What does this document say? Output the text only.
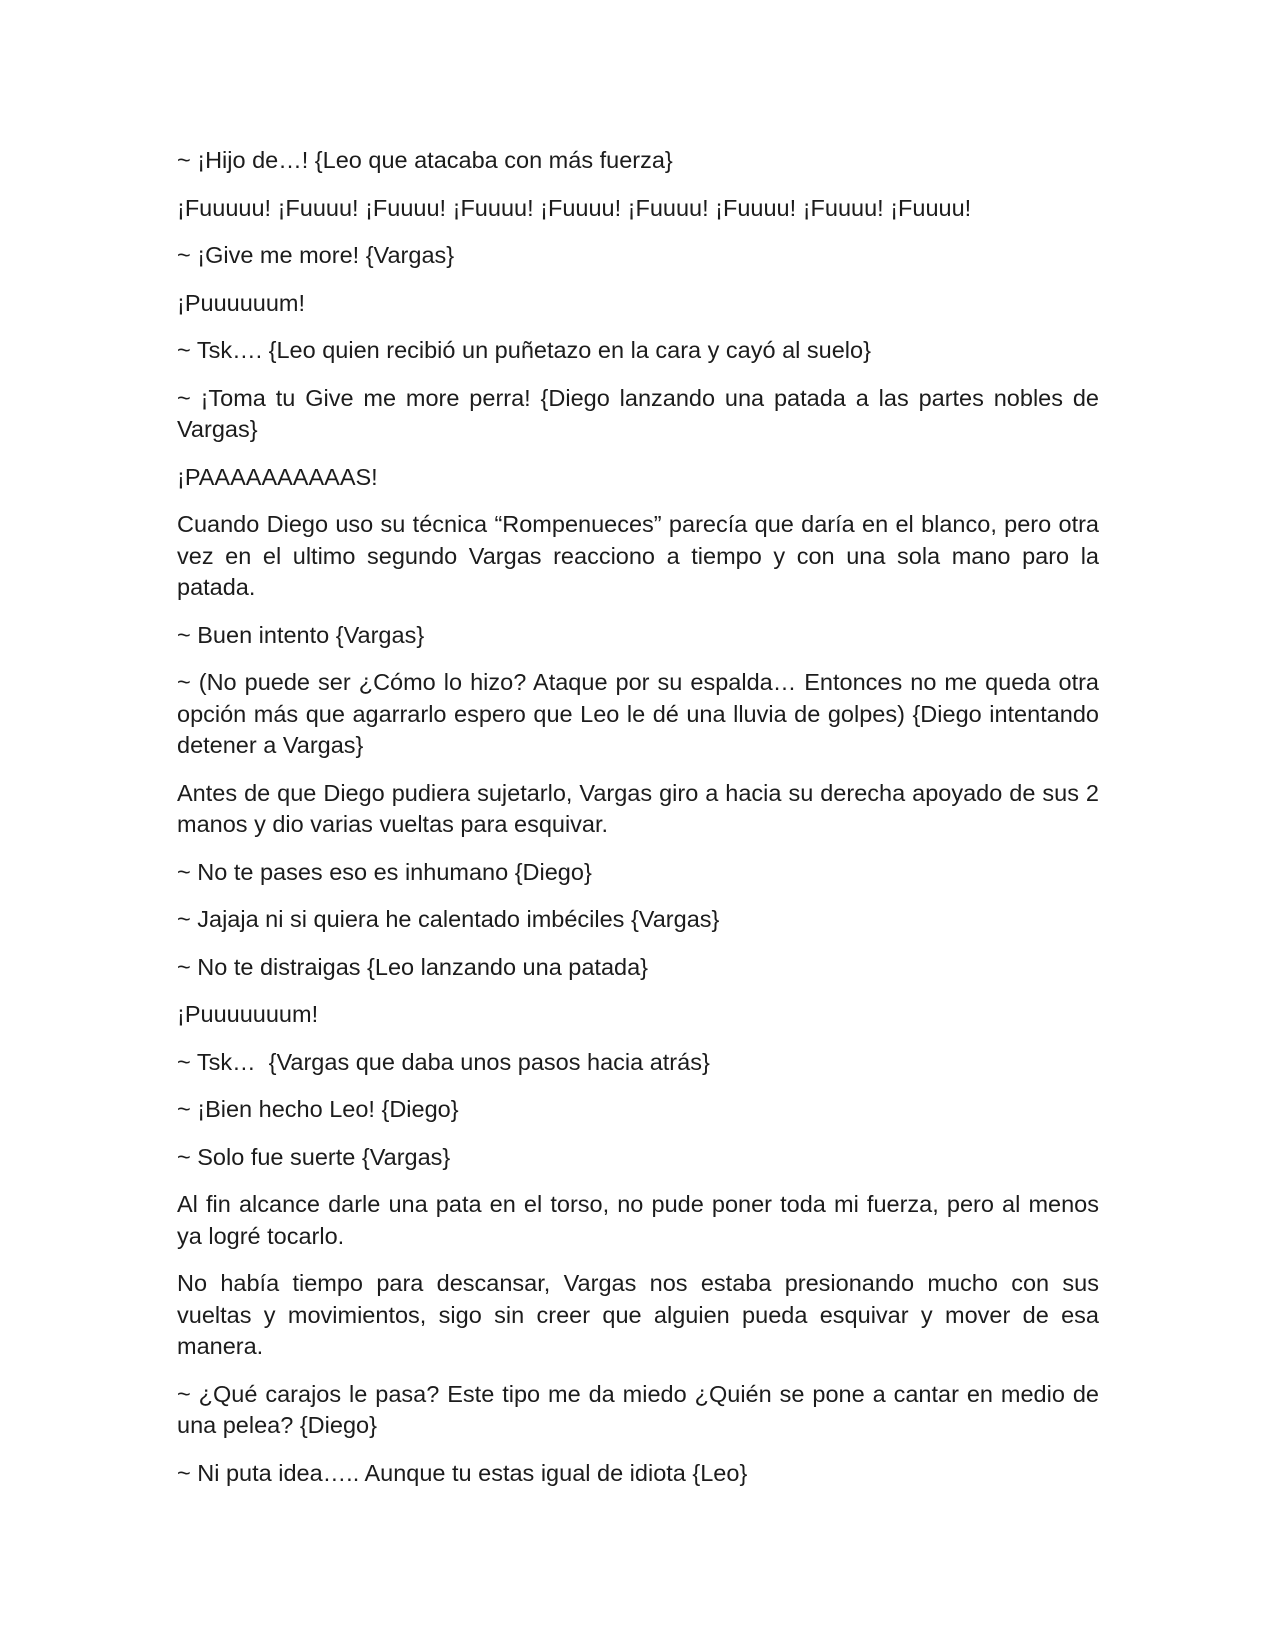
~ ¡Hijo de…! {Leo que atacaba con más fuerza}

¡Fuuuuu! ¡Fuuuu! ¡Fuuuu! ¡Fuuuu! ¡Fuuuu! ¡Fuuuu! ¡Fuuuu! ¡Fuuuu! ¡Fuuuu!

~ ¡Give me more! {Vargas}

¡Puuuuuum!

~ Tsk…. {Leo quien recibió un puñetazo en la cara y cayó al suelo}

~ ¡Toma tu Give me more perra! {Diego lanzando una patada a las partes nobles de Vargas}

¡PAAAAAAAAAAS!

Cuando Diego uso su técnica “Rompenueces” parecía que daría en el blanco, pero otra vez en el ultimo segundo Vargas reacciono a tiempo y con una sola mano paro la patada.

~ Buen intento {Vargas}

~ (No puede ser ¿Cómo lo hizo? Ataque por su espalda… Entonces no me queda otra opción más que agarrarlo espero que Leo le dé una lluvia de golpes) {Diego intentando detener a Vargas}

Antes de que Diego pudiera sujetarlo, Vargas giro a hacia su derecha apoyado de sus 2 manos y dio varias vueltas para esquivar.

~ No te pases eso es inhumano {Diego}

~ Jajaja ni si quiera he calentado imbéciles {Vargas}

~ No te distraigas {Leo lanzando una patada}

¡Puuuuuuum!

~ Tsk…  {Vargas que daba unos pasos hacia atrás}

~ ¡Bien hecho Leo! {Diego}

~ Solo fue suerte {Vargas}

Al fin alcance darle una pata en el torso, no pude poner toda mi fuerza, pero al menos ya logré tocarlo.

No había tiempo para descansar, Vargas nos estaba presionando mucho con sus vueltas y movimientos, sigo sin creer que alguien pueda esquivar y mover de esa manera.

~ ¿Qué carajos le pasa? Este tipo me da miedo ¿Quién se pone a cantar en medio de una pelea? {Diego}

~ Ni puta idea….. Aunque tu estas igual de idiota {Leo}
